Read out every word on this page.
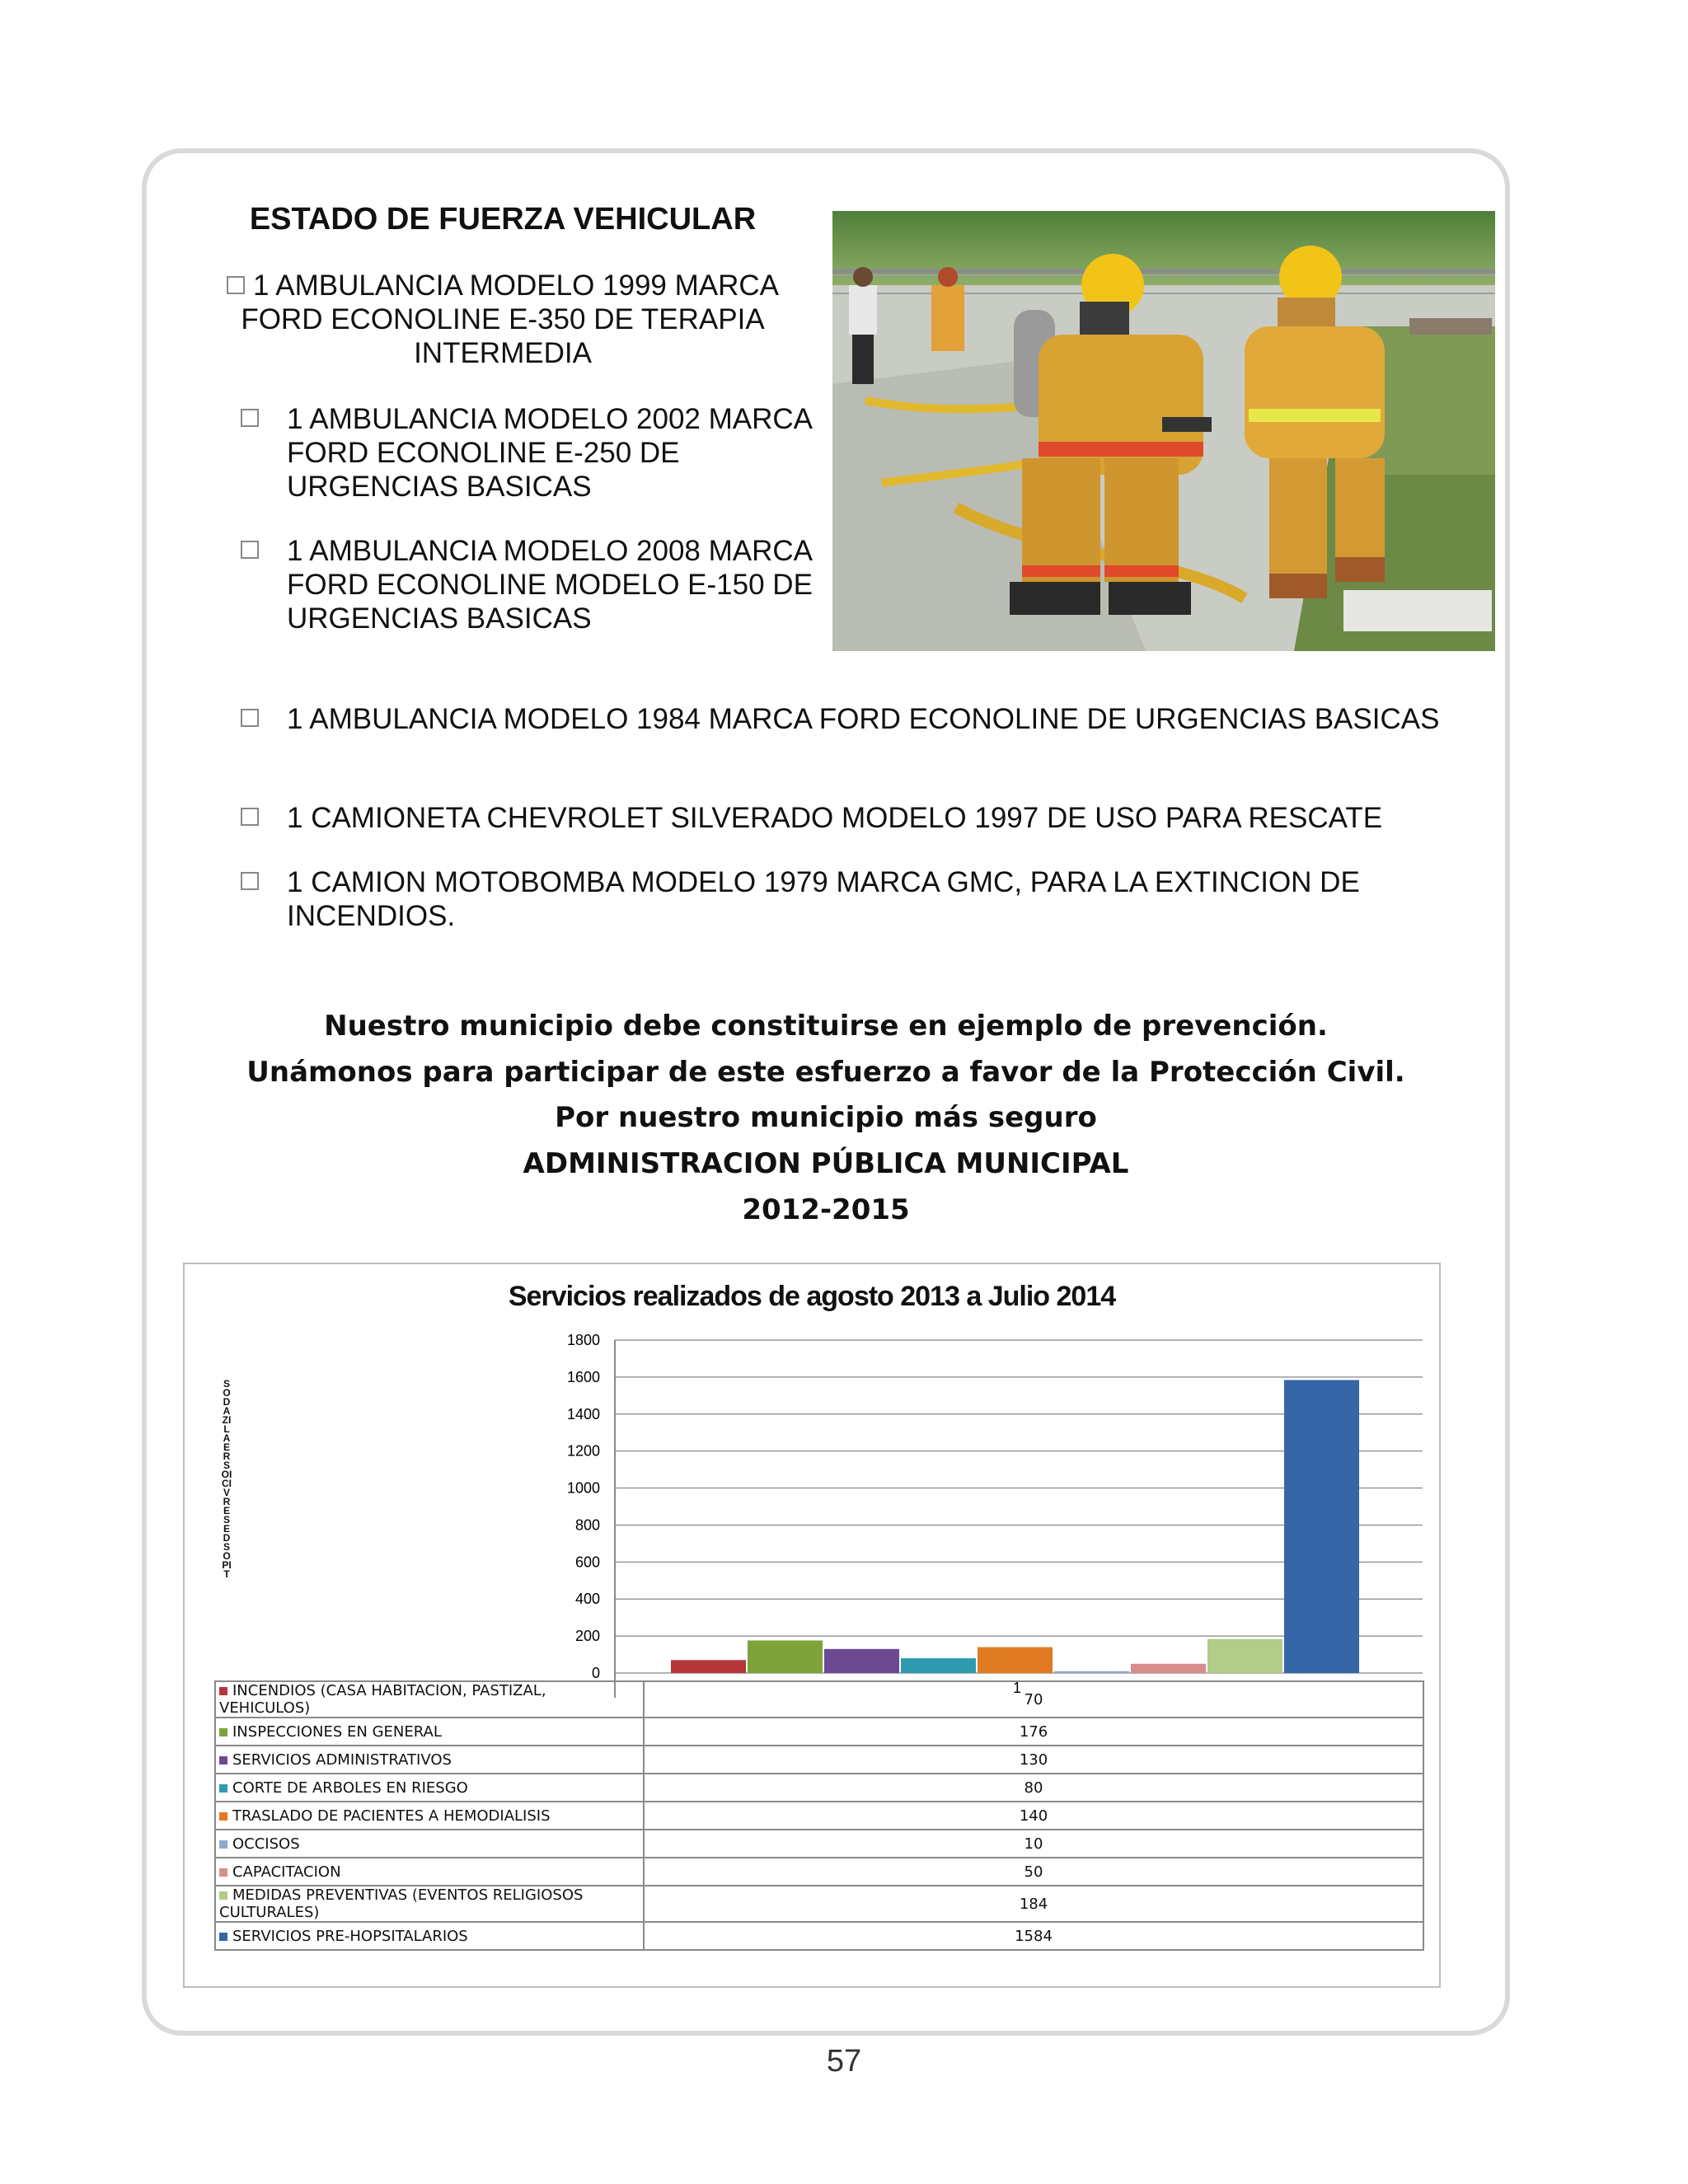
ESTADO DE FUERZA VEHICULAR
1 AMBULANCIA MODELO 1999 MARCA FORD ECONOLINE E-350 DE TERAPIA INTERMEDIA
1 AMBULANCIA MODELO 2002 MARCA FORD ECONOLINE E-250 DE URGENCIAS BASICAS
1 AMBULANCIA MODELO 2008 MARCA FORD ECONOLINE MODELO E-150 DE URGENCIAS BASICAS
1 AMBULANCIA MODELO 1984 MARCA FORD ECONOLINE DE URGENCIAS BASICAS
1 CAMIONETA CHEVROLET SILVERADO MODELO 1997 DE USO PARA RESCATE
1 CAMION MOTOBOMBA MODELO 1979 MARCA GMC, PARA LA EXTINCION DE INCENDIOS.
Nuestro municipio debe constituirse en ejemplo de prevención.
Unámonos para participar de este esfuerzo a favor de la Protección Civil.
Por nuestro municipio más seguro
ADMINISTRACION PÚBLICA MUNICIPAL
2012-2015
Servicios realizados de agosto 2013 a Julio 2014
SODAZILAERSOICIVRESEDSOPIT
0
200
400
600
800
1000
1200
1400
1600
1800
1
INCENDIOS (CASA HABITACION, PASTIZAL, VEHICULOS)	70
INSPECCIONES EN GENERAL	176
SERVICIOS ADMINISTRATIVOS	130
CORTE DE ARBOLES EN RIESGO	80
TRASLADO DE PACIENTES A HEMODIALISIS	140
OCCISOS	10
CAPACITACION	50
MEDIDAS PREVENTIVAS (EVENTOS RELIGIOSOS CULTURALES)	184
SERVICIOS PRE-HOPSITALARIOS	1584
57
